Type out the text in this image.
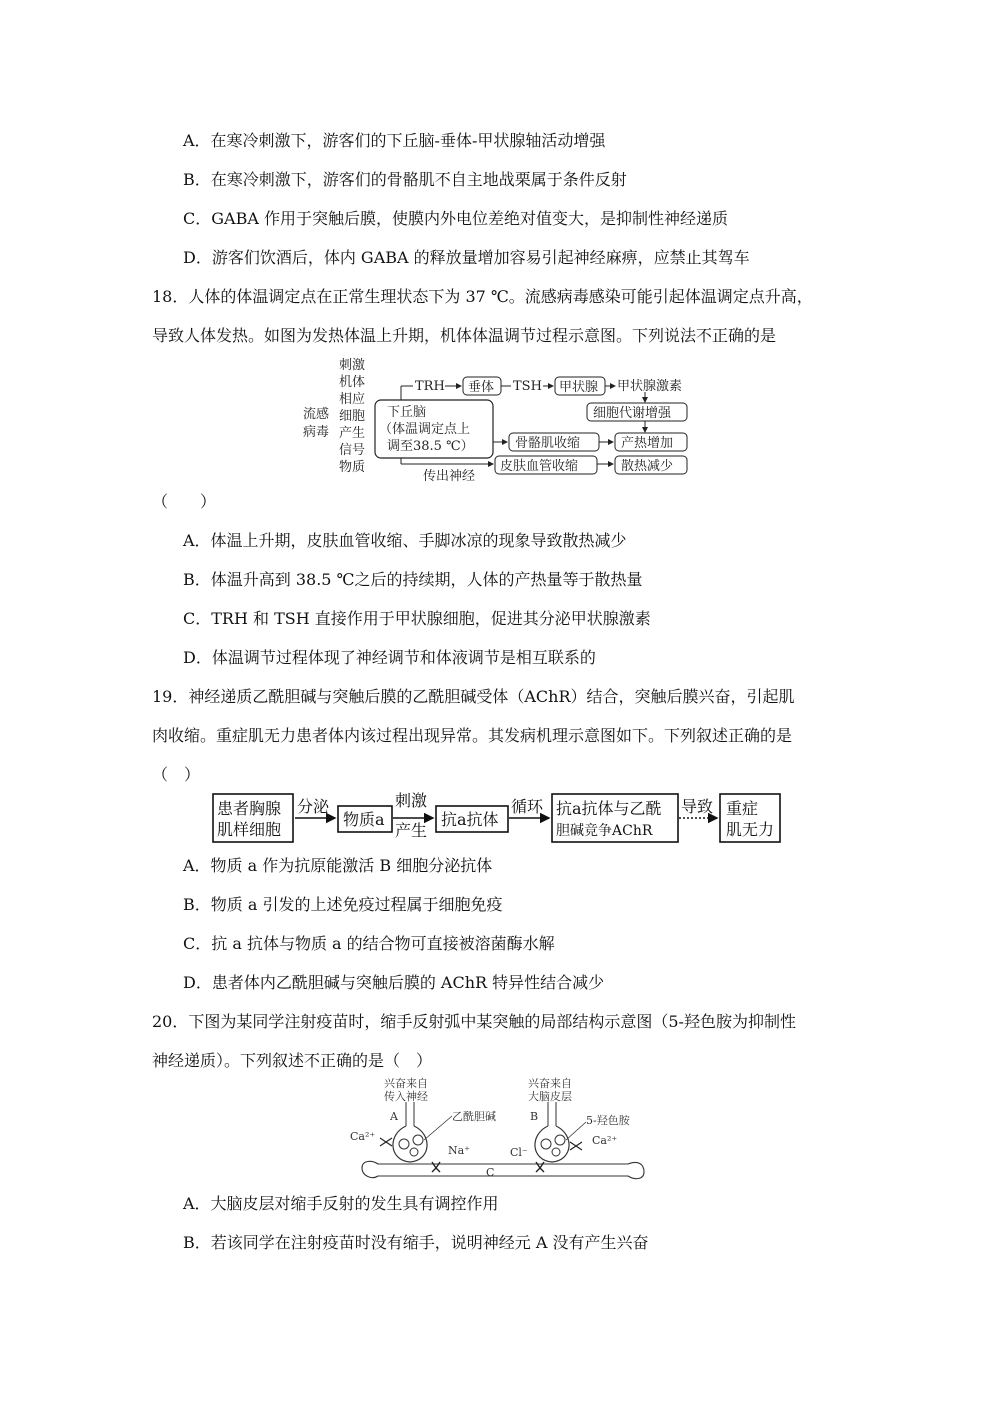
A．在寒冷刺激下，游客们的下丘脑-垂体-甲状腺轴活动增强
B．在寒冷刺激下，游客们的骨骼肌不自主地战栗属于条件反射
C．GABA 作用于突触后膜，使膜内外电位差绝对值变大，是抑制性神经递质
D．游客们饮酒后，体内 GABA 的释放量增加容易引起神经麻痹，应禁止其驾车
18．人体的体温调定点在正常生理状态下为 37 ℃。流感病毒感染可能引起体温调定点升高，
导致人体发热。如图为发热体温上升期，机体体温调节过程示意图。下列说法不正确的是
流感
病毒
刺激
机体
相应
细胞
产生
信号
物质
下丘脑
（体温调定点上
调至38.5 ℃）
TRH 垂体 TSH 甲状腺 甲状腺激素
细胞代谢增强
骨骼肌收缩	产热增加
皮肤血管收缩	散热减少
传出神经
（　　）
A．体温上升期，皮肤血管收缩、手脚冰凉的现象导致散热减少
B．体温升高到 38.5 ℃之后的持续期，人体的产热量等于散热量
C．TRH 和 TSH 直接作用于甲状腺细胞，促进其分泌甲状腺激素
D．体温调节过程体现了神经调节和体液调节是相互联系的
19．神经递质乙酰胆碱与突触后膜的乙酰胆碱受体（AChR）结合，突触后膜兴奋，引起肌
肉收缩。重症肌无力患者体内该过程出现异常。其发病机理示意图如下。下列叙述正确的是
（　）
患者胸腺
肌样细胞
分泌
物质a
刺激
产生
抗a抗体
循环 抗a抗体与乙酰
胆碱竞争AChR
导致 重症
肌无力
A．物质 a 作为抗原能激活 B 细胞分泌抗体
B．物质 a 引发的上述免疫过程属于细胞免疫
C．抗 a 抗体与物质 a 的结合物可直接被溶菌酶水解
D．患者体内乙酰胆碱与突触后膜的 AChR 特异性结合减少
20．下图为某同学注射疫苗时，缩手反射弧中某突触的局部结构示意图（5-羟色胺为抑制性
神经递质）。下列叙述不正确的是（　）
兴奋来自
传入神经
兴奋来自
大脑皮层
A	B
乙酰胆碱	5-羟色胺
Ca²⁺	Ca²⁺
Na⁺	Cl⁻
C
A．大脑皮层对缩手反射的发生具有调控作用
B．若该同学在注射疫苗时没有缩手，说明神经元 A 没有产生兴奋
